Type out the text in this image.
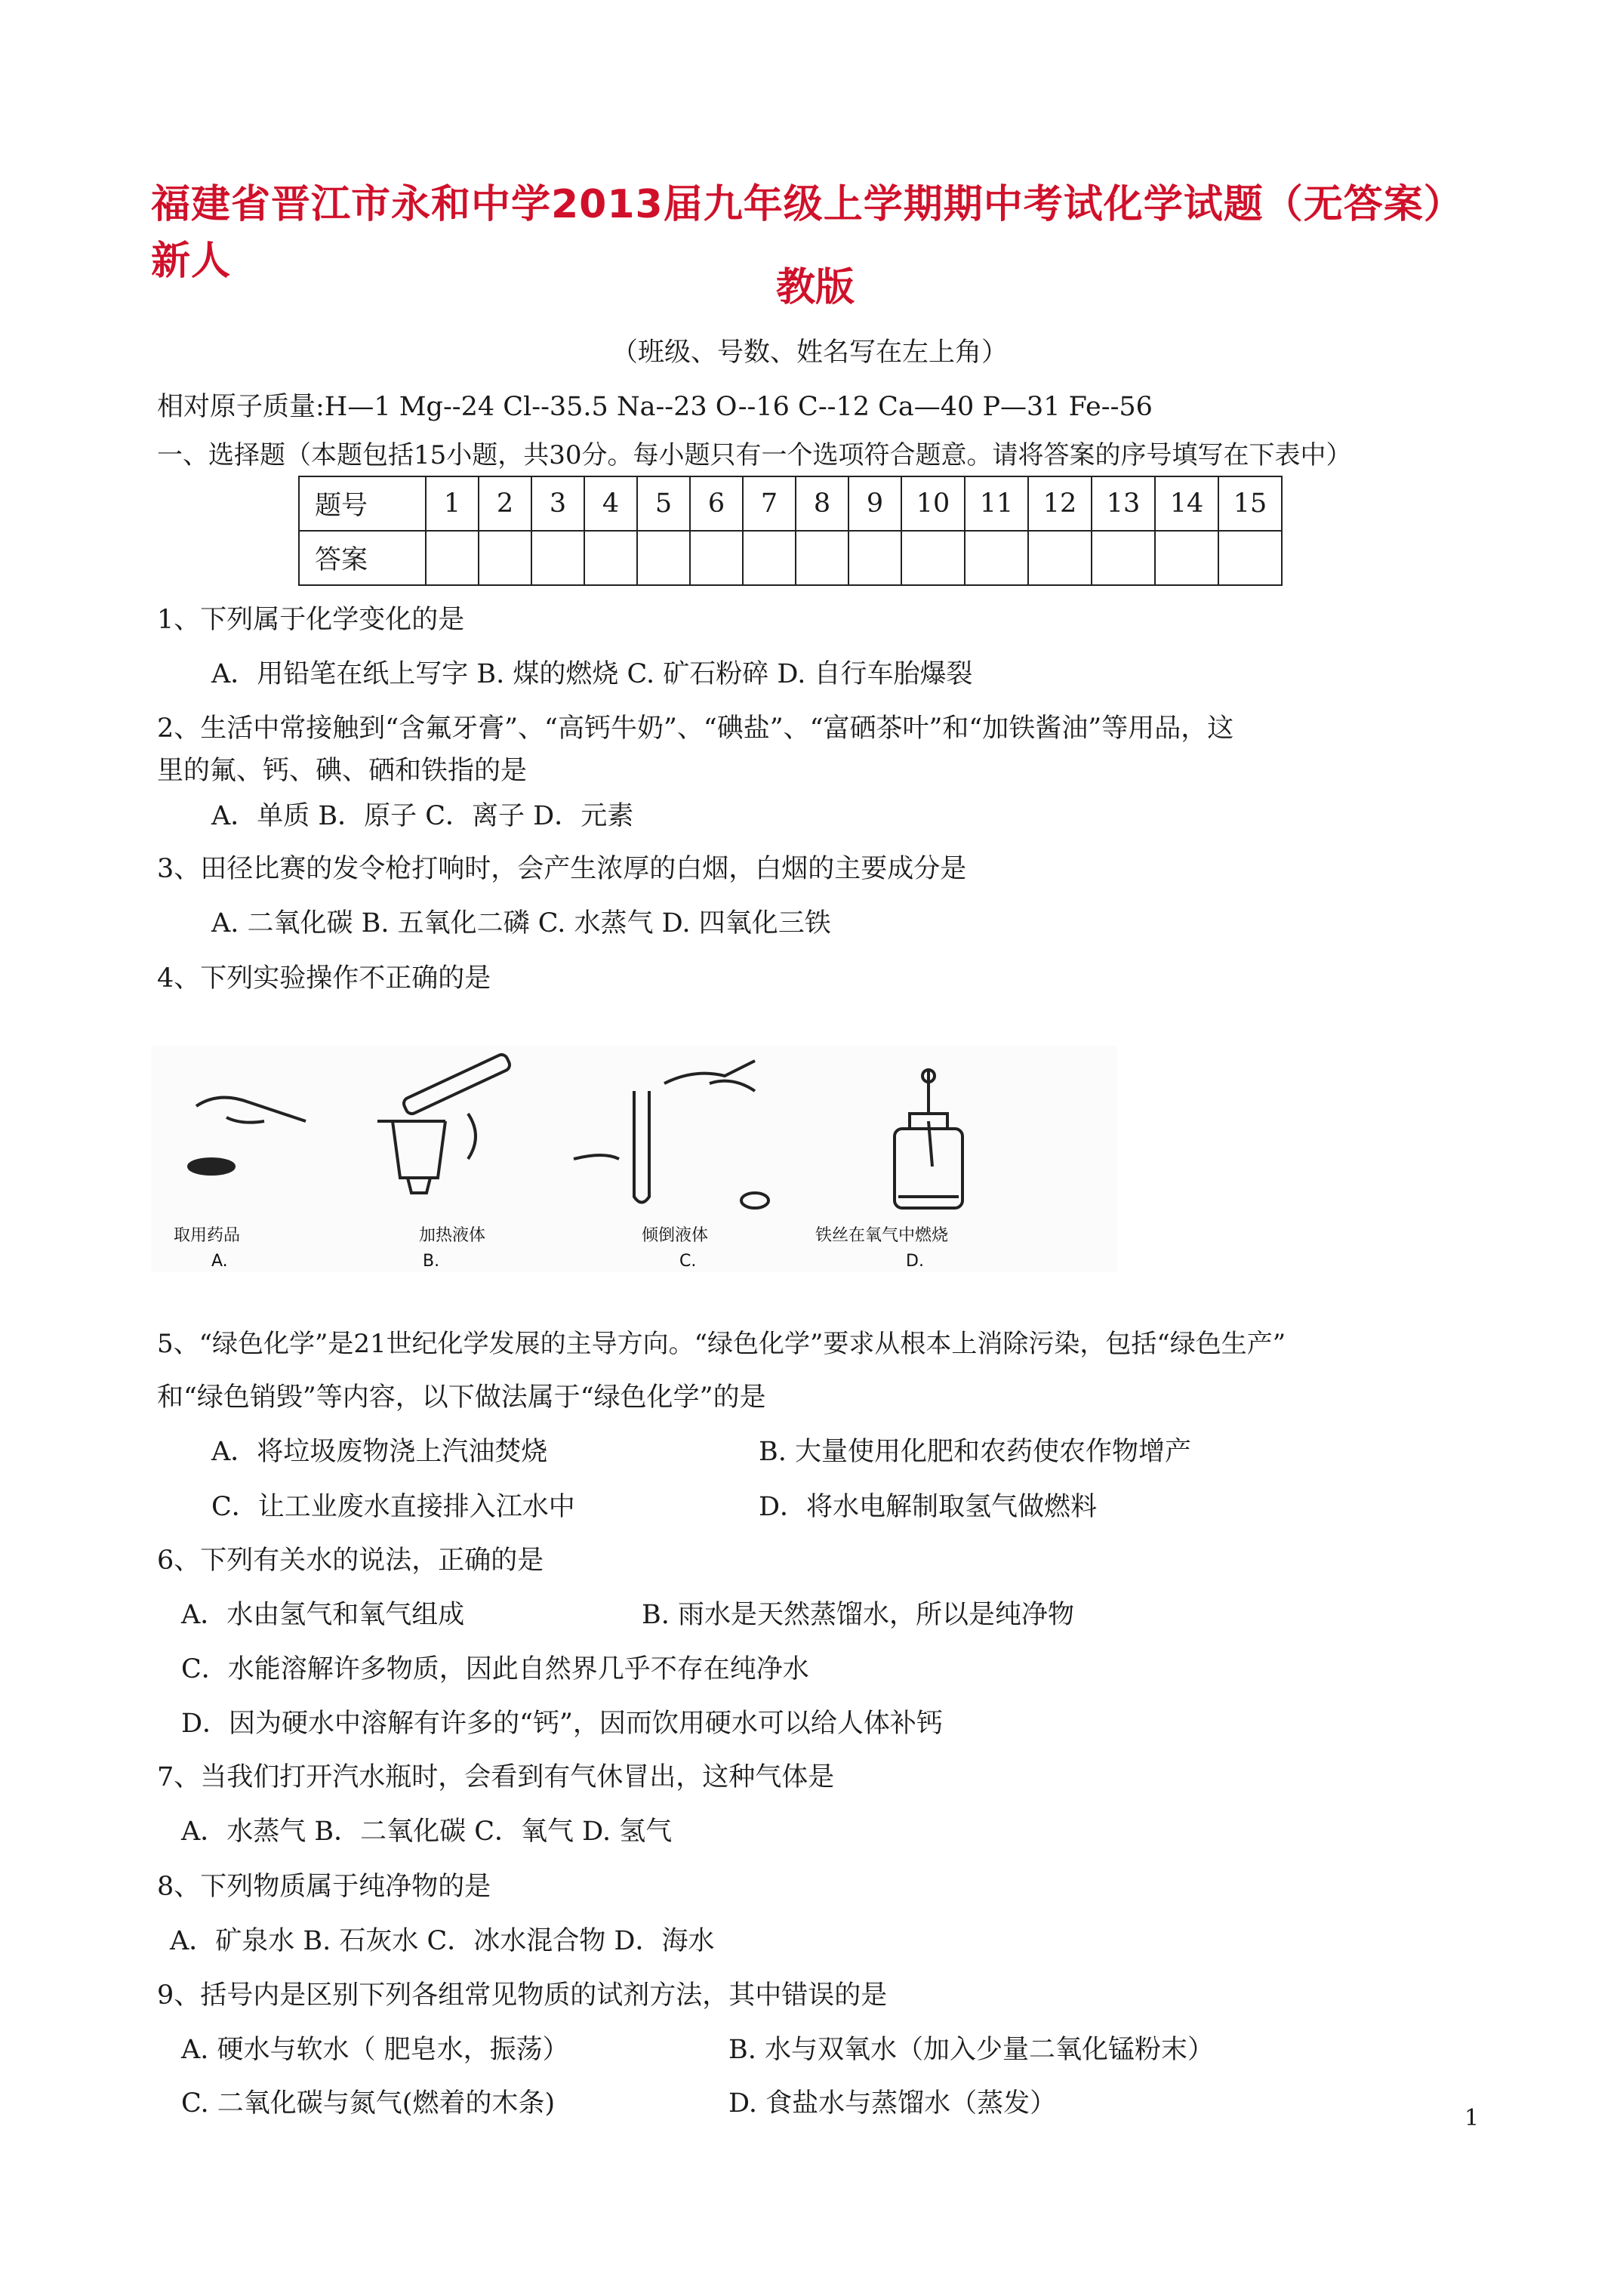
福建省晋江市永和中学2013届九年级上学期期中考试化学试题（无答案）新人
教版
（班级、号数、姓名写在左上角）
相对原子质量:H—1 Mg--24 Cl--35.5 Na--23 O--16 C--12 Ca—40 P—31 Fe--56
一、选择题（本题包括15小题，共30分。每小题只有一个选项符合题意。请将答案的序号填写在下表中）
题号	1	2	3	4	5	6	7	8	9	10	11	12	13	14	15
答案															
1、下列属于化学变化的是
A．用铅笔在纸上写字 B. 煤的燃烧 C. 矿石粉碎 D. 自行车胎爆裂
2、生活中常接触到“含氟牙膏”、“高钙牛奶”、“碘盐”、“富硒茶叶”和“加铁酱油”等用品，这
里的氟、钙、碘、硒和铁指的是
A．单质 B．原子 C．离子 D．元素
3、田径比赛的发令枪打响时，会产生浓厚的白烟，白烟的主要成分是
A. 二氧化碳 B. 五氧化二磷 C. 水蒸气 D. 四氧化三铁
4、下列实验操作不正确的是
取用药品	加热液体	倾倒液体	铁丝在氧气中燃烧
A.	B.	C.	D.
5、“绿色化学”是21世纪化学发展的主导方向。“绿色化学”要求从根本上消除污染，包括“绿色生产”
和“绿色销毁”等内容，以下做法属于“绿色化学”的是
A．将垃圾废物浇上汽油焚烧	B. 大量使用化肥和农药使农作物增产
C．让工业废水直接排入江水中	D．将水电解制取氢气做燃料
6、下列有关水的说法，正确的是
A．水由氢气和氧气组成	B. 雨水是天然蒸馏水，所以是纯净物
C．水能溶解许多物质，因此自然界几乎不存在纯净水
D．因为硬水中溶解有许多的“钙”，因而饮用硬水可以给人体补钙
7、当我们打开汽水瓶时，会看到有气休冒出，这种气体是
A．水蒸气 B．二氧化碳 C．氧气 D. 氢气
8、下列物质属于纯净物的是
A．矿泉水 B. 石灰水 C．冰水混合物 D．海水
9、括号内是区别下列各组常见物质的试剂方法，其中错误的是
A. 硬水与软水（ 肥皂水，振荡）	B. 水与双氧水（加入少量二氧化锰粉末）
C. 二氧化碳与氮气(燃着的木条)	D. 食盐水与蒸馏水（蒸发）	1
